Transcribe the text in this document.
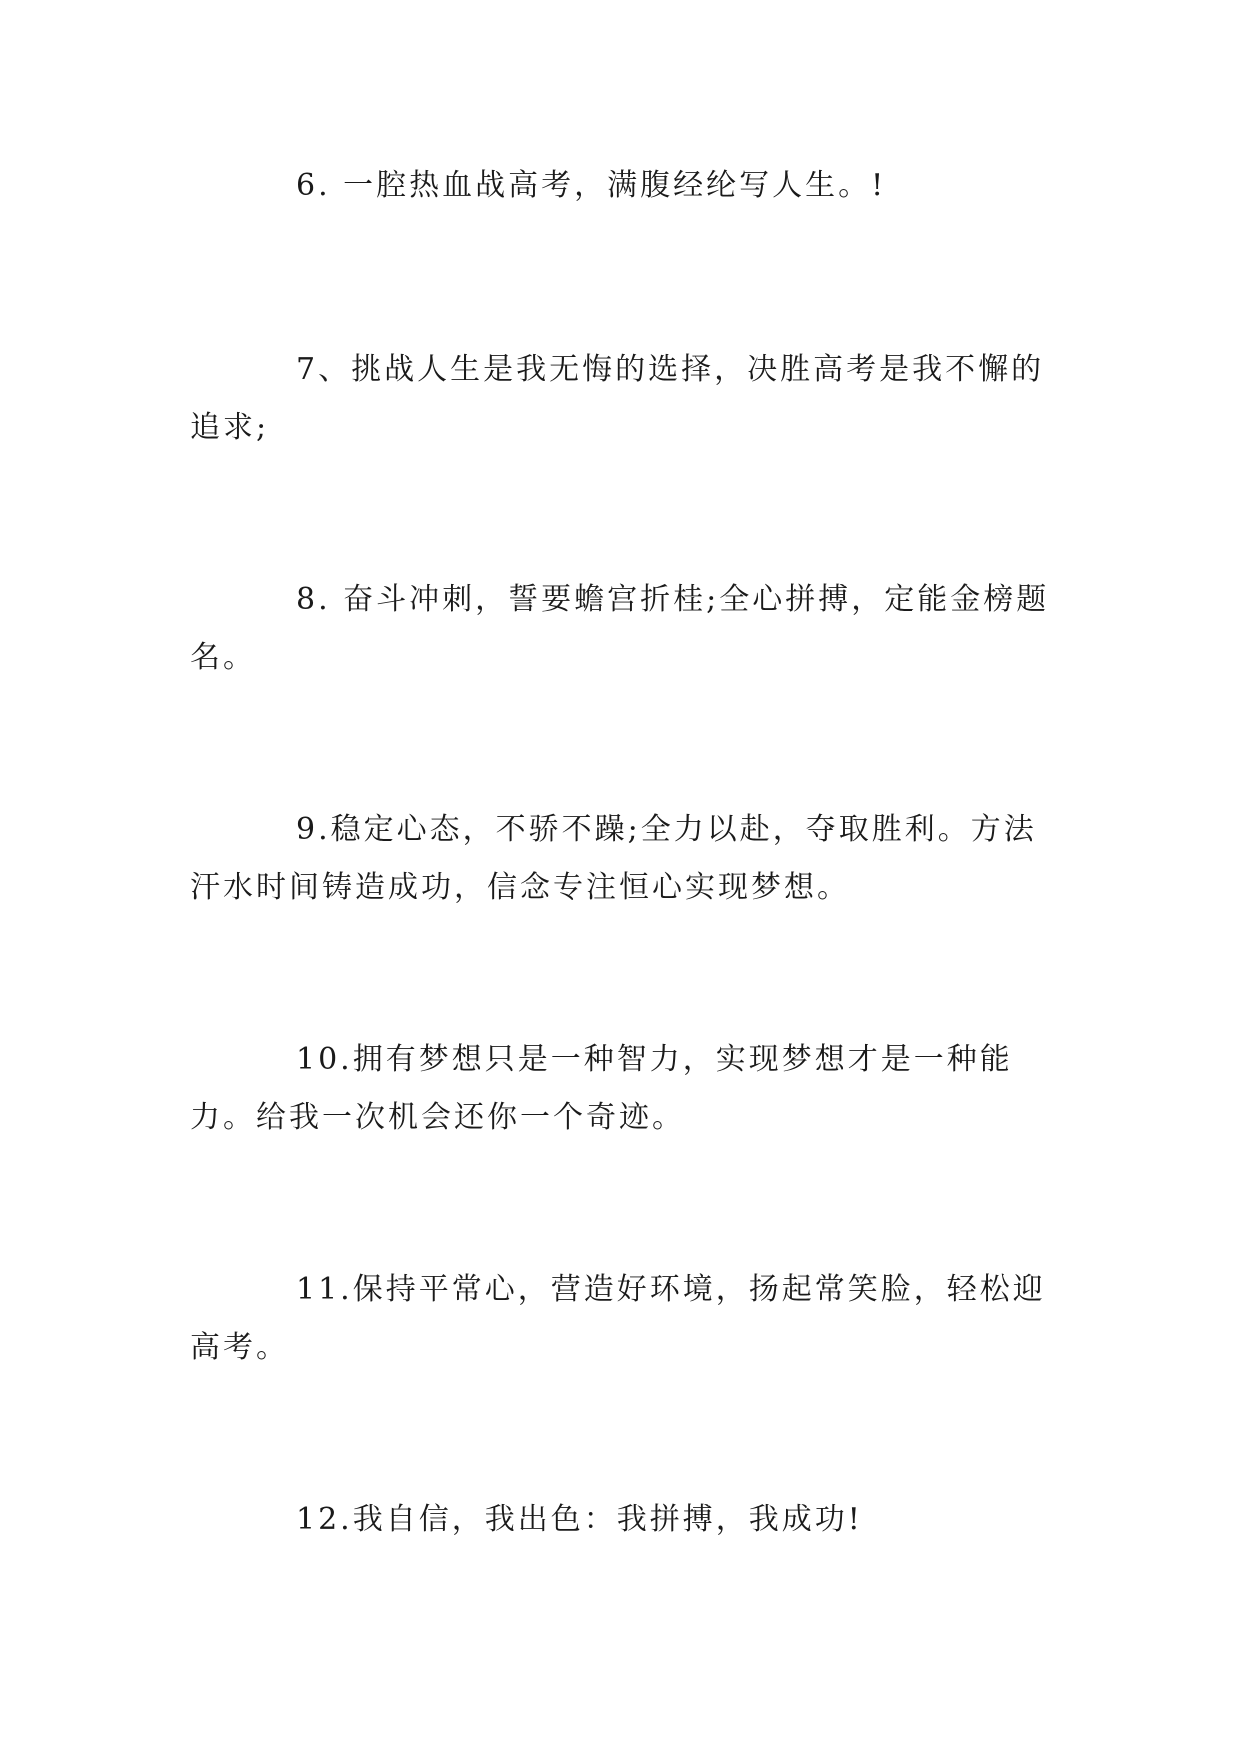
6. 一腔热血战高考，满腹经纶写人生。!

7、挑战人生是我无悔的选择，决胜高考是我不懈的追求;

8. 奋斗冲刺，誓要蟾宫折桂;全心拼搏，定能金榜题名。

9.稳定心态，不骄不躁;全力以赴，夺取胜利。方法汗水时间铸造成功，信念专注恒心实现梦想。

10.拥有梦想只是一种智力，实现梦想才是一种能力。给我一次机会还你一个奇迹。

11.保持平常心，营造好环境，扬起常笑脸，轻松迎高考。

12.我自信，我出色：我拼搏，我成功!
